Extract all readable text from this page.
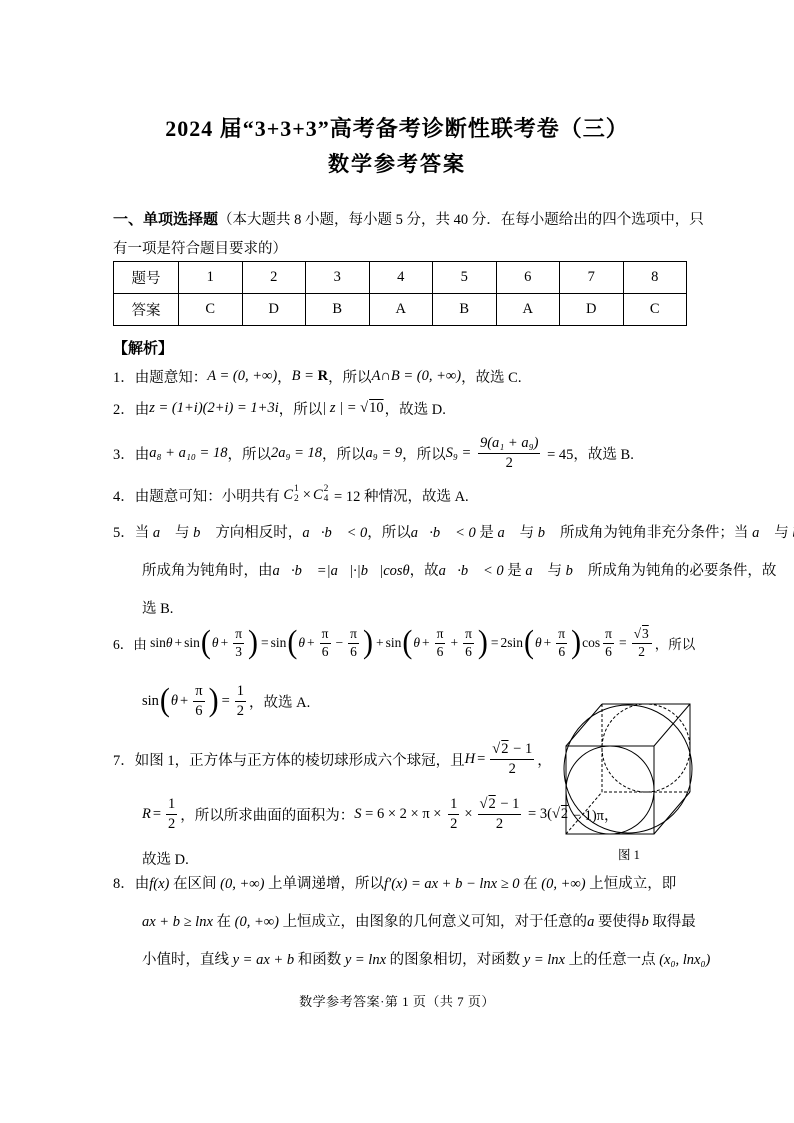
2024 届“3+3+3”高考备考诊断性联考卷（三）
数学参考答案
一、单项选择题（本大题共 8 小题，每小题 5 分，共 40 分．在每小题给出的四个选项中，只
有一项是符合题目要求的）
题号	1	2	3	4	5	6	7	8
答案	C	D	B	A	B	A	D	C
【解析】
1．由题意知： A = (0, +∞) ， B = R ，所以 A∩B = (0, +∞) ，故选 C.
2．由 z = (1+i)(2+i) = 1+3i ，所以 | z | = √ 10 ，故选 D.
3．由 a₈ + a₁₀ = 18 ，所以 2a₉ = 18 ，所以 a₉ = 9 ，所以 $S_9 = \frac{\text{9(a₁ + a₉)}}{2} = 45$，故选 B.
4．由题意可知：小明共有 C 1
2 × C 2
4 = 12 种情况，故选 A.
5．当 a⃗ 与 b⃗ 方向相反时，a⃗·b⃗ < 0，所以a⃗·b⃗ < 0 是 a⃗ 与 b⃗ 所成角为钝角非充分条件；当 a⃗ 与
所成角为钝角时，由a⃗·b⃗ =|a⃗|·|b⃗|cosθ，故a⃗·b⃗ < 0 是 a⃗ 与 b⃗ 所成角为钝角的必要条件，故
选 B.
6．由 sin θ + sin ( $\theta + \frac{\pi}{3}$ ) = sin ( $\theta + \frac{\pi}{6} - \frac{\pi}{6}$ ) + sin ( $\theta + \frac{\pi}{6} + \frac{\pi}{6}$ ) = 2 sin ( $\theta + \frac{\pi}{6}$ ) $\cos \frac{\pi}{6} = \frac{√ 3}{2}$ ，所以
sin ( $\theta + \frac{\pi}{6}$ ) = $\frac{1}{2}$ ，故选 A.
7．如图 1，正方体与正方体的棱切球形成六个球冠，且 $H = \frac{√ 2 - 1}{2}$ ，
$R = \frac{1}{2}$ ，所以所求曲面的面积为： $S = 6 \times 2 \times \pi \times \frac{1}{2} \times \frac{√ 2 - 1}{2} = 3$( √ 2 − 1)π，
故选 D.	图 1
8．由f(x) 在区间 (0, +∞) 上单调递增，所以f′(x) = ax + b − lnx ≥ 0 在 (0, +∞) 上恒成立，即
ax + b ≥ lnx 在 (0, +∞) 上恒成立，由图象的几何意义可知，对于任意的a 要使得b 取得最
小值时，直线 y = ax + b 和函数 y = lnx 的图象相切，对函数 y = lnx 上的任意一点 (x₀, lnx₀)
数学参考答案·第 1 页（共 7 页）
